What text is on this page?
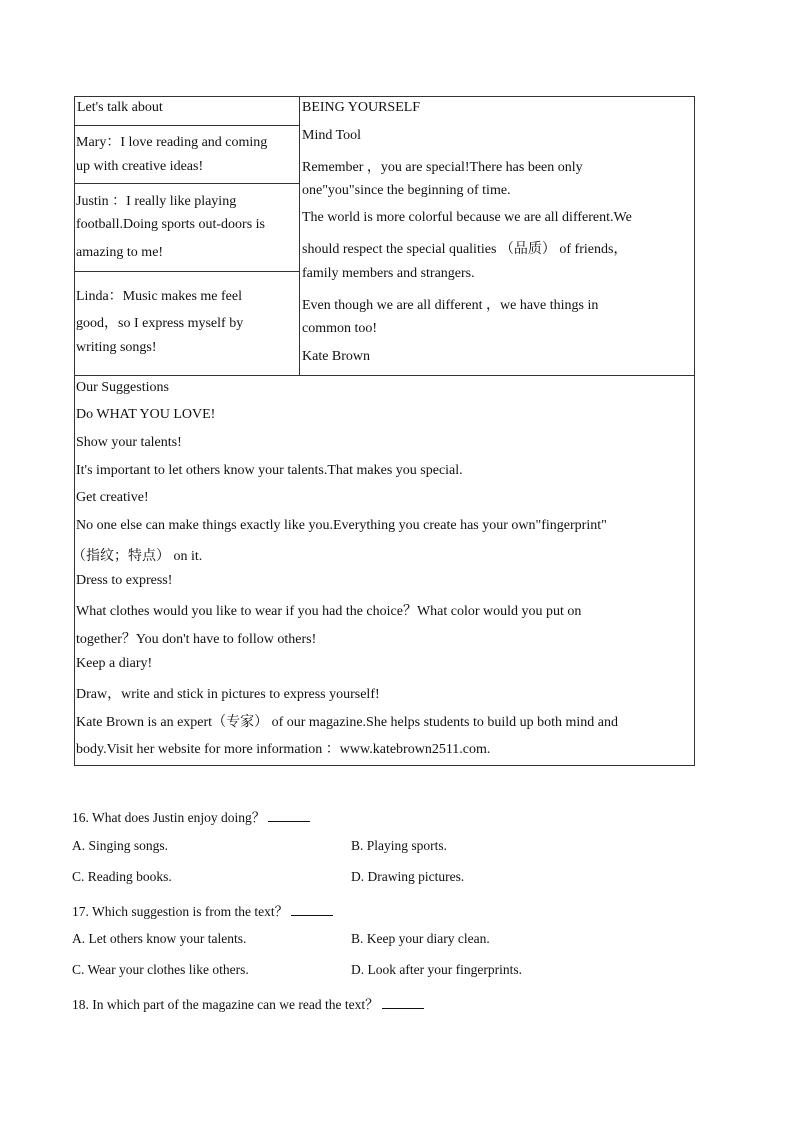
Let's talk about
Mary：I love reading and coming
up with creative ideas!
Justin ：I really like playing
football.Doing sports out-doors is
amazing to me!
Linda：Music makes me feel
good，so I express myself by
writing songs!
BEING YOURSELF
Mind Tool
Remember ，you are special!There has been only
one"you"since the beginning of time.
The world is more colorful because we are all different.We
should respect the special qualities （品质） of friends，
family members and strangers.
Even though we are all different ，we have things in
common too!
Kate Brown
Our Suggestions
Do WHAT YOU LOVE!
Show your talents!
It's important to let others know your talents.That makes you special.
Get creative!
No one else can make things exactly like you.Everything you create has your own"fingerprint"
（指纹；特点） on it.
Dress to express!
What clothes would you like to wear if you had the choice？What color would you put on
together？You don't have to follow others!
Keep a diary!
Draw，write and stick in pictures to express yourself!
Kate Brown is an expert（专家） of our magazine.She helps students to build up both mind and
body.Visit her website for more information ：www.katebrown2511.com.
16. What does Justin enjoy doing？
A. Singing songs.	B. Playing sports.
C. Reading books.	D. Drawing pictures.
17. Which suggestion is from the text？
A. Let others know your talents.	B. Keep your diary clean.
C. Wear your clothes like others.	D. Look after your fingerprints.
18. In which part of the magazine can we read the text？
